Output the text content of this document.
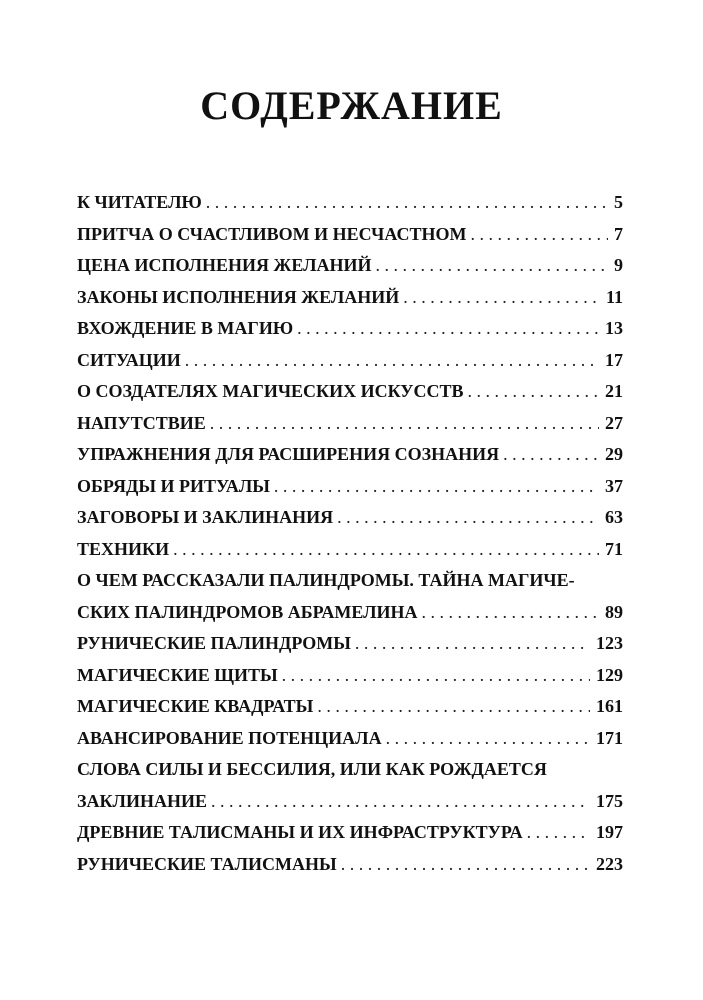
СОДЕРЖАНИЕ
К ЧИТАТЕЛЮ . . .	5
ПРИТЧА О СЧАСТЛИВОМ И НЕСЧАСТНОМ . . .	7
ЦЕНА ИСПОЛНЕНИЯ ЖЕЛАНИЙ . . .	9
ЗАКОНЫ ИСПОЛНЕНИЯ ЖЕЛАНИЙ . . .	11
ВХОЖДЕНИЕ В МАГИЮ . . .	13
СИТУАЦИИ . . .	17
О СОЗДАТЕЛЯХ МАГИЧЕСКИХ ИСКУССТВ . . .	21
НАПУТСТВИЕ . . .	27
УПРАЖНЕНИЯ ДЛЯ РАСШИРЕНИЯ СОЗНАНИЯ . . .	29
ОБРЯДЫ И РИТУАЛЫ . . .	37
ЗАГОВОРЫ И ЗАКЛИНАНИЯ . . .	63
ТЕХНИКИ . . .	71
О ЧЕМ РАССКАЗАЛИ ПАЛИНДРОМЫ. ТАЙНА МАГИЧЕ-
СКИХ ПАЛИНДРОМОВ АБРАМЕЛИНА . . .	89
РУНИЧЕСКИЕ ПАЛИНДРОМЫ . . .	123
МАГИЧЕСКИЕ ЩИТЫ . . .	129
МАГИЧЕСКИЕ КВАДРАТЫ . . .	161
АВАНСИРОВАНИЕ ПОТЕНЦИАЛА . . .	171
СЛОВА СИЛЫ И БЕССИЛИЯ, ИЛИ КАК РОЖДАЕТСЯ
ЗАКЛИНАНИЕ . . .	175
ДРЕВНИЕ ТАЛИСМАНЫ И ИХ ИНФРАСТРУКТУРА . . .	197
РУНИЧЕСКИЕ ТАЛИСМАНЫ . . .	223
